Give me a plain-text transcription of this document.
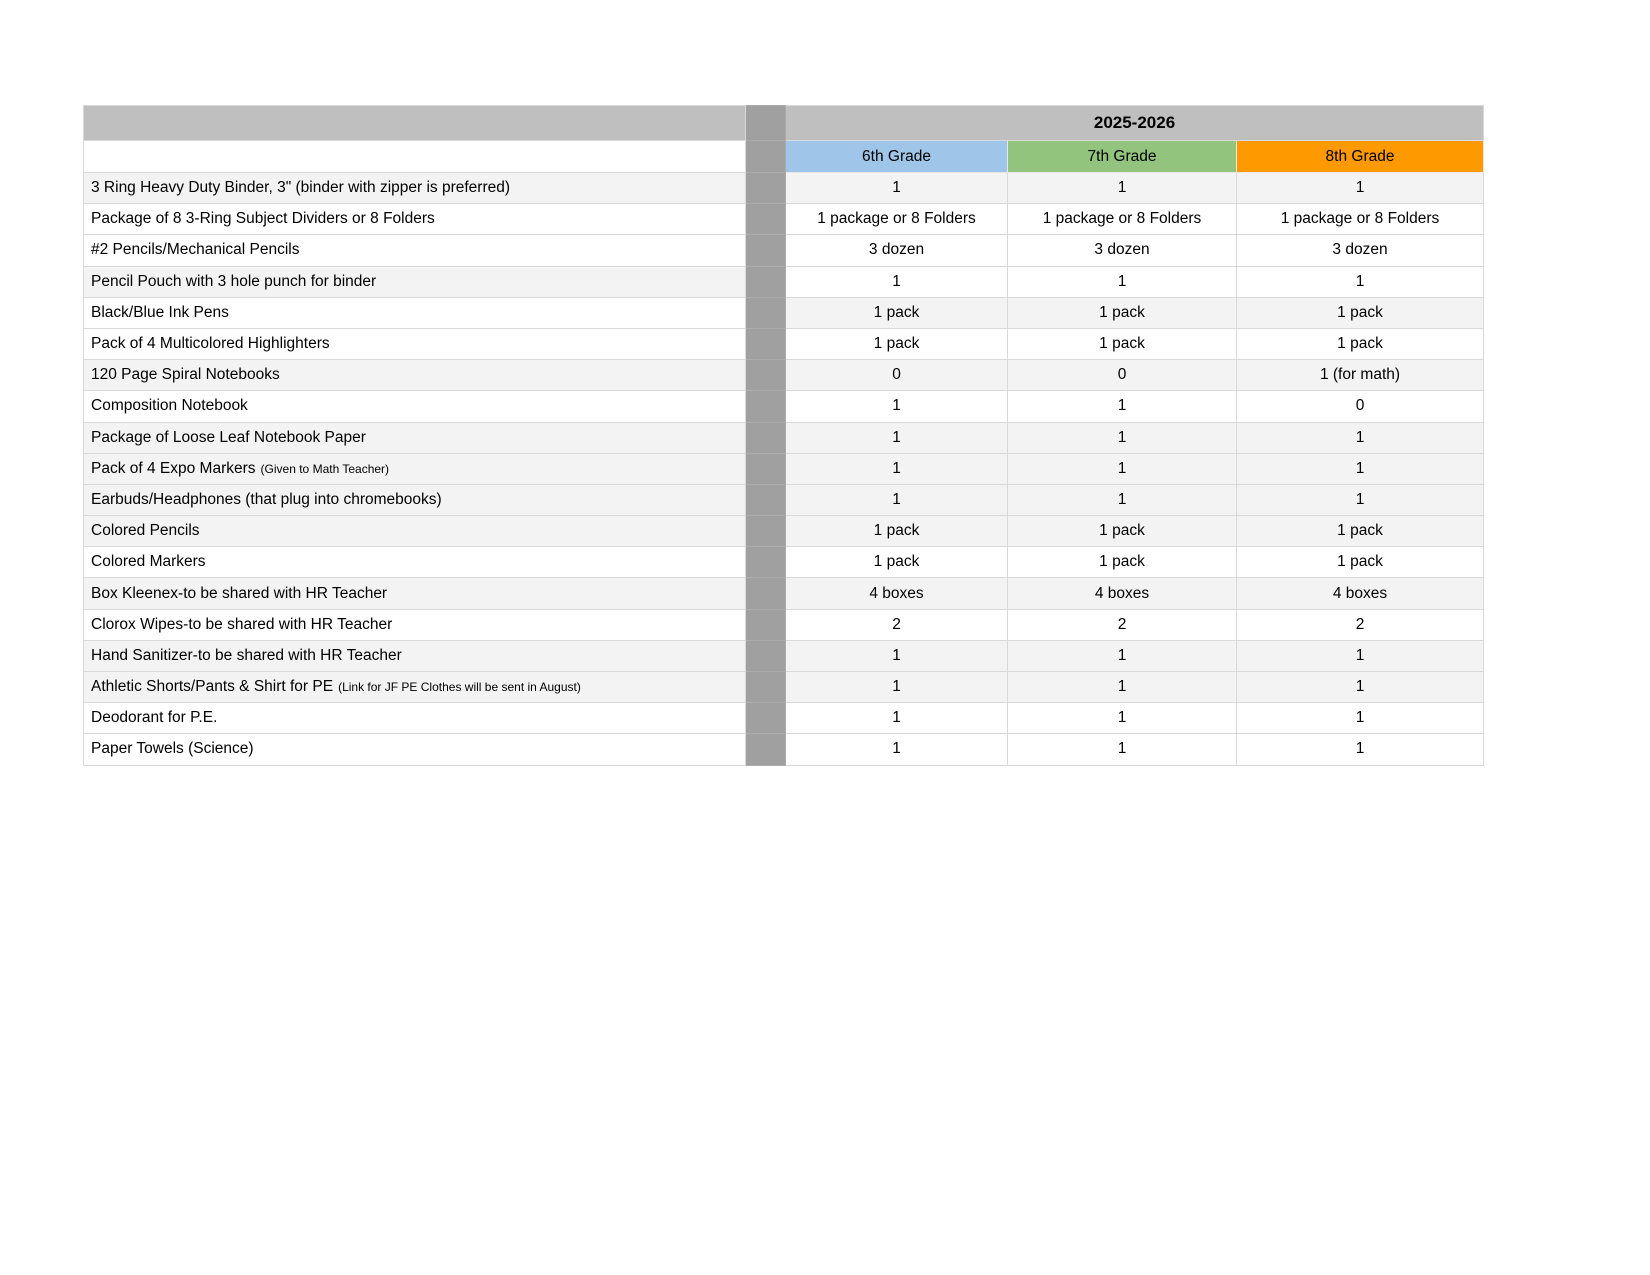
		2025-2026		
		6th Grade	7th Grade	8th Grade
3 Ring Heavy Duty Binder, 3" (binder with zipper is preferred)		1	1	1
Package of 8 3-Ring Subject Dividers or 8 Folders		1 package or 8 Folders	1 package or 8 Folders	1 package or 8 Folders
#2 Pencils/Mechanical Pencils		3 dozen	3 dozen	3 dozen
Pencil Pouch with 3 hole punch for binder		1	1	1
Black/Blue Ink Pens		1 pack	1 pack	1 pack
Pack of 4 Multicolored Highlighters		1 pack	1 pack	1 pack
120 Page Spiral Notebooks		0	0	1 (for math)
Composition Notebook		1	1	0
Package of Loose Leaf Notebook Paper		1	1	1
Pack of 4 Expo Markers (Given to Math Teacher)		1	1	1
Earbuds/Headphones (that plug into chromebooks)		1	1	1
Colored Pencils		1 pack	1 pack	1 pack
Colored Markers		1 pack	1 pack	1 pack
Box Kleenex-to be shared with HR Teacher		4 boxes	4 boxes	4 boxes
Clorox Wipes-to be shared with HR Teacher		2	2	2
Hand Sanitizer-to be shared with HR Teacher		1	1	1
Athletic Shorts/Pants & Shirt for PE (Link for JF PE Clothes will be sent in August)		1	1	1
Deodorant for P.E.		1	1	1
Paper Towels (Science)		1	1	1
